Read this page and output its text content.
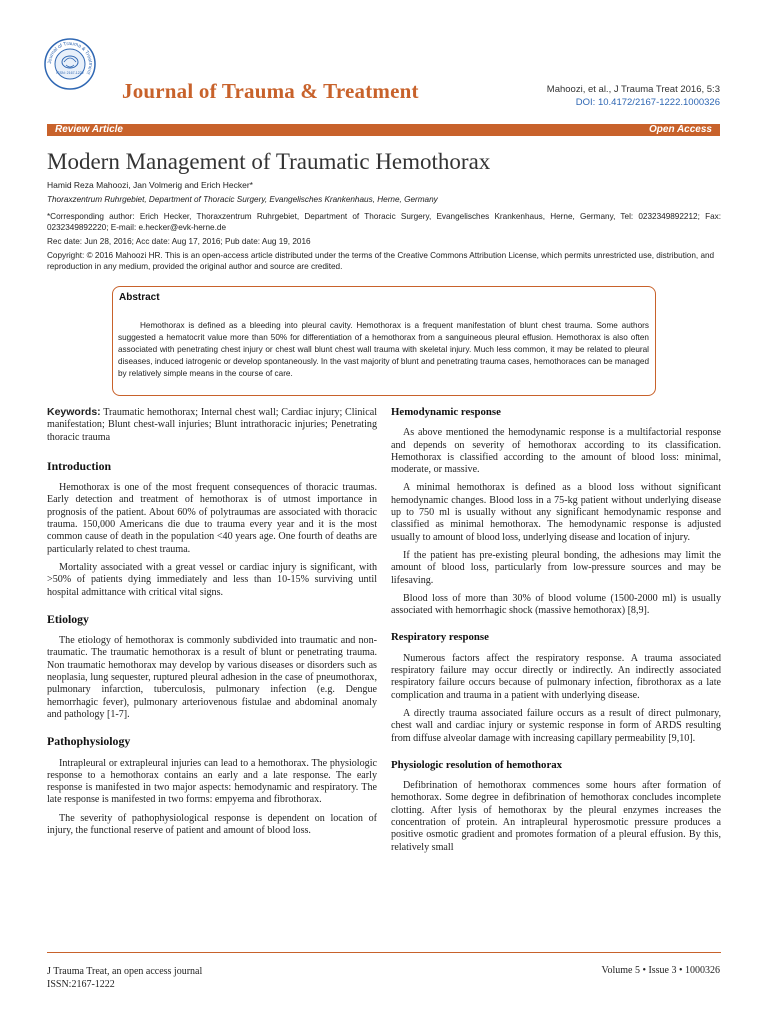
Journal of Trauma & Treatment
ISSN: 2167-1222
Journal of Trauma & Treatment	Mahoozi, et al., J Trauma Treat 2016, 5:3
DOI: 10.4172/2167-1222.1000326
Review Article	Open Access
Modern Management of Traumatic Hemothorax
Hamid Reza Mahoozi, Jan Volmerig and Erich Hecker*
Thoraxzentrum Ruhrgebiet, Department of Thoracic Surgery, Evangelisches Krankenhaus, Herne, Germany
*Corresponding author: Erich Hecker, Thoraxzentrum Ruhrgebiet, Department of Thoracic Surgery, Evangelisches Krankenhaus, Herne, Germany, Tel: 0232349892212; Fax: 0232349892220; E-mail: e.hecker@evk-herne.de
Rec date: Jun 28, 2016; Acc date: Aug 17, 2016; Pub date: Aug 19, 2016
Copyright: © 2016 Mahoozi HR. This is an open-access article distributed under the terms of the Creative Commons Attribution License, which permits unrestricted use, distribution, and reproduction in any medium, provided the original author and source are credited.
Abstract

Hemothorax is defined as a bleeding into pleural cavity. Hemothorax is a frequent manifestation of blunt chest trauma. Some authors suggested a hematocrit value more than 50% for differentiation of a hemothorax from a sanguineous pleural effusion. Hemothorax is also often associated with penetrating chest injury or chest wall blunt chest wall trauma with skeletal injury. Much less common, it may be related to pleural diseases, induced iatrogenic or develop spontaneously. In the vast majority of blunt and penetrating trauma cases, hemothoraces can be managed by relatively simple means in the course of care.

Keywords: Traumatic hemothorax; Internal chest wall; Cardiac injury; Clinical manifestation; Blunt chest-wall injuries; Blunt intrathoracic injuries; Penetrating thoracic trauma

Introduction

Hemothorax is one of the most frequent consequences of thoracic traumas. Early detection and treatment of hemothorax is of utmost importance in prognosis of the patient. About 60% of polytraumas are associated with thoracic trauma. 150,000 Americans die due to trauma every year and it is the most common cause of death in the population <40 years age. One fourth of deaths are particularly related to chest trauma.

Mortality associated with a great vessel or cardiac injury is significant, with >50% of patients dying immediately and less than 10-15% surviving until hospital admittance with critical vital signs.

Etiology

The etiology of hemothorax is commonly subdivided into traumatic and non-traumatic. The traumatic hemothorax is a result of blunt or penetrating trauma. Non traumatic hemothorax may develop by various diseases or disorders such as neoplasia, lung sequester, ruptured pleural adhesion in the case of pneumothorax, pulmonary infarction, tuberculosis, pulmonary infection (e.g. Dengue hemorrhagic fever), pulmonary arteriovenous fistulae and abdominal anomaly and pathology [1-7].

Pathophysiology

Intrapleural or extrapleural injuries can lead to a hemothorax. The physiologic response to a hemothorax contains an early and a late response. The early response is manifested in two major aspects: hemodynamic and respiratory. The late response is manifested in two forms: empyema and fibrothorax.

The severity of pathophysiological response is dependent on location of injury, the functional reserve of patient and amount of blood loss.

Hemodynamic response

As above mentioned the hemodynamic response is a multifactorial response and depends on severity of hemothorax according to its classification. Hemothorax is classified according to the amount of blood loss: minimal, moderate, or massive.

A minimal hemothorax is defined as a blood loss without significant hemodynamic changes. Blood loss in a 75-kg patient without underlying disease up to 750 ml is usually without any significant hemodynamic response and classified as minimal hemothorax. The hemodynamic response is adjusted usually to amount of blood loss, underlying disease and location of injury.

If the patient has pre-existing pleural bonding, the adhesions may limit the amount of blood loss, particularly from low-pressure sources and may be lifesaving.

Blood loss of more than 30% of blood volume (1500-2000 ml) is usually associated with hemorrhagic shock (massive hemothorax) [8,9].

Respiratory response

Numerous factors affect the respiratory response. A trauma associated respiratory failure may occur directly or indirectly. An indirectly associated respiratory failure occurs because of pulmonary infection, fibrothorax as a late complication and trauma in a patient with underlying disease.

A directly trauma associated failure occurs as a result of direct pulmonary, chest wall and cardiac injury or systemic response in form of ARDS resulting from diffuse alveolar damage with increasing capillary permeability [9,10].

Physiologic resolution of hemothorax

Defibrination of hemothorax commences some hours after formation of hemothorax. Some degree in defibrination of hemothorax concludes incomplete clotting. After lysis of hemothorax by the pleural enzymes increases the concentration of protein. An intrapleural hyperosmotic pressure produces a positive osmotic gradient and promotes formation of a pleural effusion. By this, relatively small

J Trauma Treat, an open access journal
ISSN:2167-1222
Volume 5 • Issue 3 • 1000326
